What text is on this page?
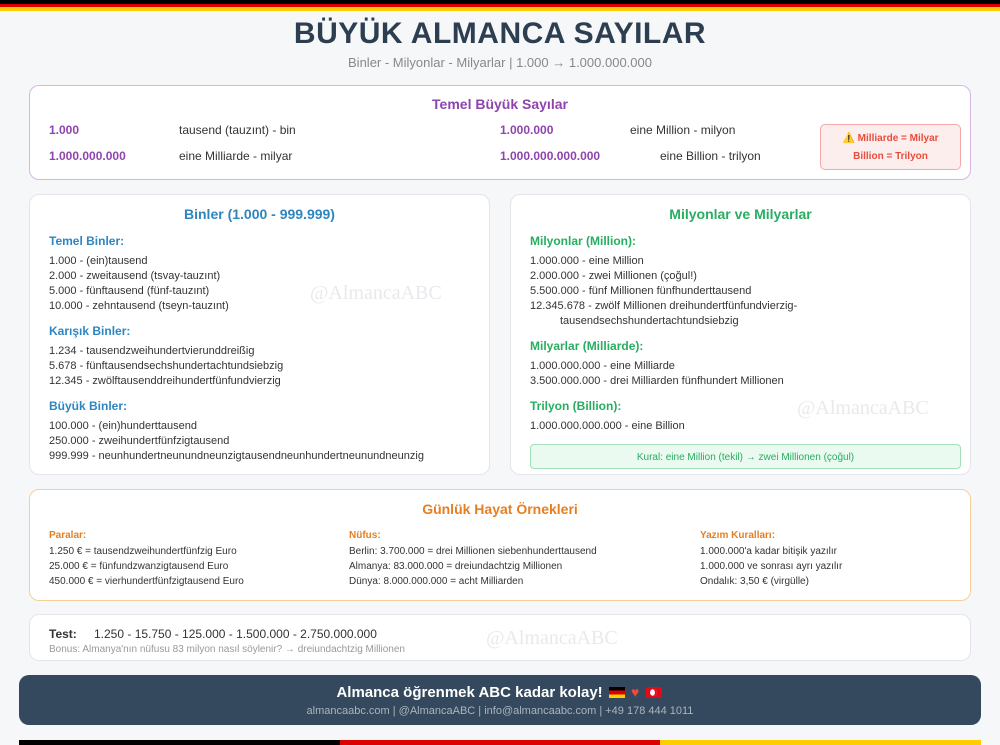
BÜYÜK ALMANCA SAYILAR
Binler - Milyonlar - Milyarlar | 1.000 → 1.000.000.000
Temel Büyük Sayılar
1.000	tausend (tauzınt) - bin	1.000.000	eine Million - milyon
1.000.000.000	eine Milliarde - milyar	1.000.000.000.000	eine Billion - trilyon
⚠️ Milliarde = Milyar
Billion = Trilyon
Binler (1.000 - 999.999)
Temel Binler:
1.000 - (ein)tausend
2.000 - zweitausend (tsvay-tauzınt)
5.000 - fünftausend (fünf-tauzınt)
10.000 - zehntausend (tseyn-tauzınt)
Karışık Binler:
1.234 - tausendzweihundertvierunddreißig
5.678 - fünftausendsechshundertachtundsiebzig
12.345 - zwölftausenddreihundertfünfundvierzig
Büyük Binler:
100.000 - (ein)hunderttausend
250.000 - zweihundertfünfzigtausend
999.999 - neunhundertneunundneunzigtausendneunhundertneunundneunzig
Milyonlar ve Milyarlar
Milyonlar (Million):
1.000.000 - eine Million
2.000.000 - zwei Millionen (çoğul!)
5.500.000 - fünf Millionen fünfhunderttausend
12.345.678 - zwölf Millionen dreihundertfünfundvierzig-
tausendsechshundertachtundsiebzig
Milyarlar (Milliarde):
1.000.000.000 - eine Milliarde
3.500.000.000 - drei Milliarden fünfhundert Millionen
Trilyon (Billion):
1.000.000.000.000 - eine Billion
Kural: eine Million (tekil) → zwei Millionen (çoğul)
Günlük Hayat Örnekleri
Paralar:
1.250 € = tausendzweihundertfünfzig Euro
25.000 € = fünfundzwanzigtausend Euro
450.000 € = vierhundertfünfzigtausend Euro
Nüfus:
Berlin: 3.700.000 = drei Millionen siebenhunderttausend
Almanya: 83.000.000 = dreiundachtzig Millionen
Dünya: 8.000.000.000 = acht Milliarden
Yazım Kuralları:
1.000.000'a kadar bitişik yazılır
1.000.000 ve sonrası ayrı yazılır
Ondalık: 3,50 € (virgülle)
Test: 1.250 - 15.750 - 125.000 - 1.500.000 - 2.750.000.000
Bonus: Almanya'nın nüfusu 83 milyon nasıl söylenir? → dreiundachtzig Millionen
Almanca öğrenmek ABC kadar kolay! ♥
almancaabc.com | @AlmancaABC | info@almancaabc.com | +49 178 444 1011
